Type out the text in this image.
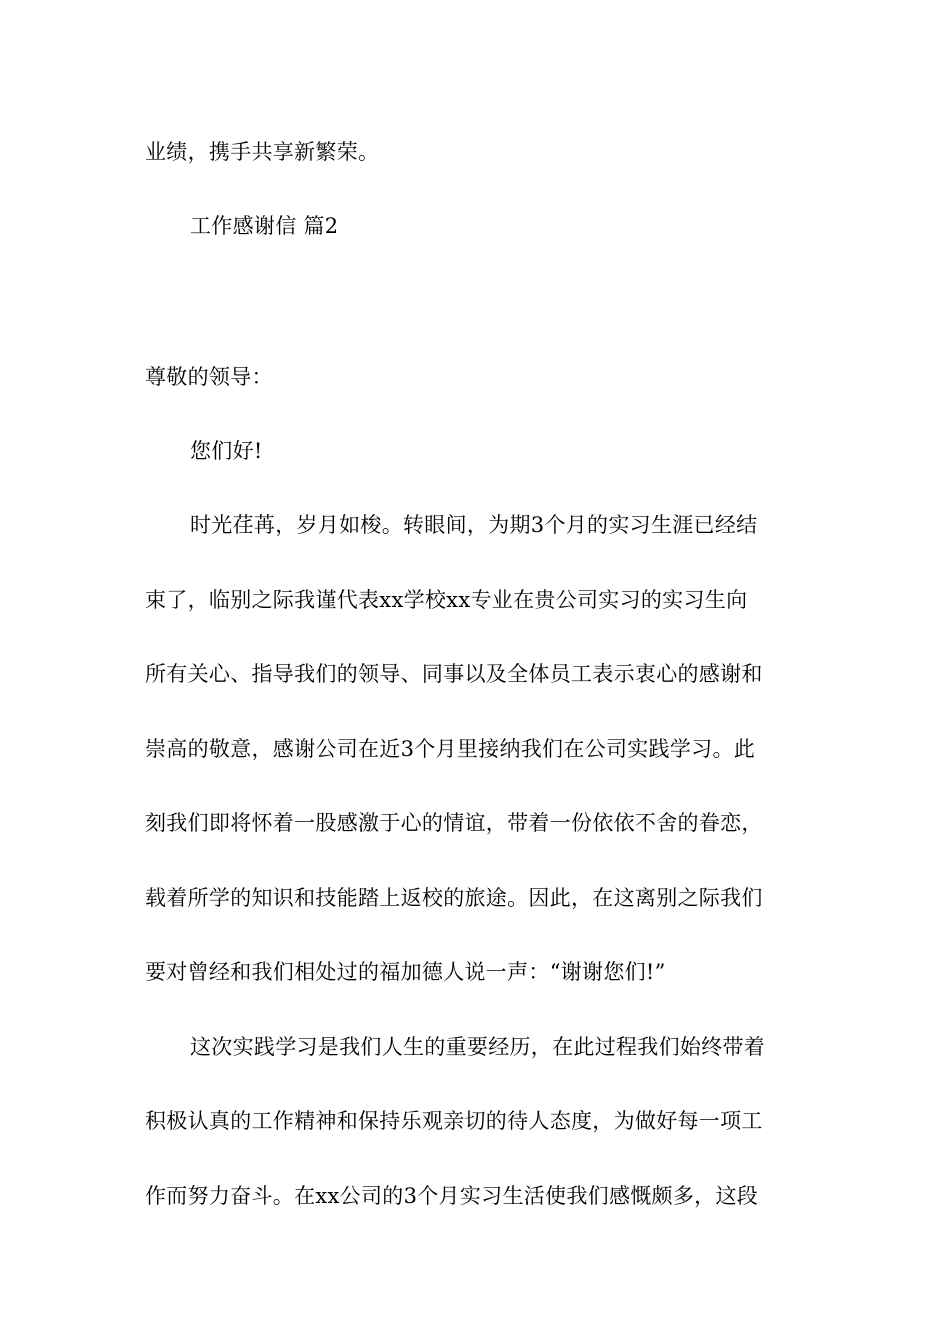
业绩，携手共享新繁荣。
工作感谢信 篇2
尊敬的领导：
您们好!
时光荏苒，岁月如梭。转眼间，为期3个月的实习生涯已经结
束了，临别之际我谨代表xx学校xx专业在贵公司实习的实习生向
所有关心、指导我们的领导、同事以及全体员工表示衷心的感谢和
崇高的敬意，感谢公司在近3个月里接纳我们在公司实践学习。此
刻我们即将怀着一股感激于心的情谊，带着一份依依不舍的眷恋，
载着所学的知识和技能踏上返校的旅途。因此，在这离别之际我们
要对曾经和我们相处过的福加德人说一声：“谢谢您们!”
这次实践学习是我们人生的重要经历，在此过程我们始终带着
积极认真的工作精神和保持乐观亲切的待人态度，为做好每一项工
作而努力奋斗。在xx公司的3个月实习生活使我们感慨颇多，这段
